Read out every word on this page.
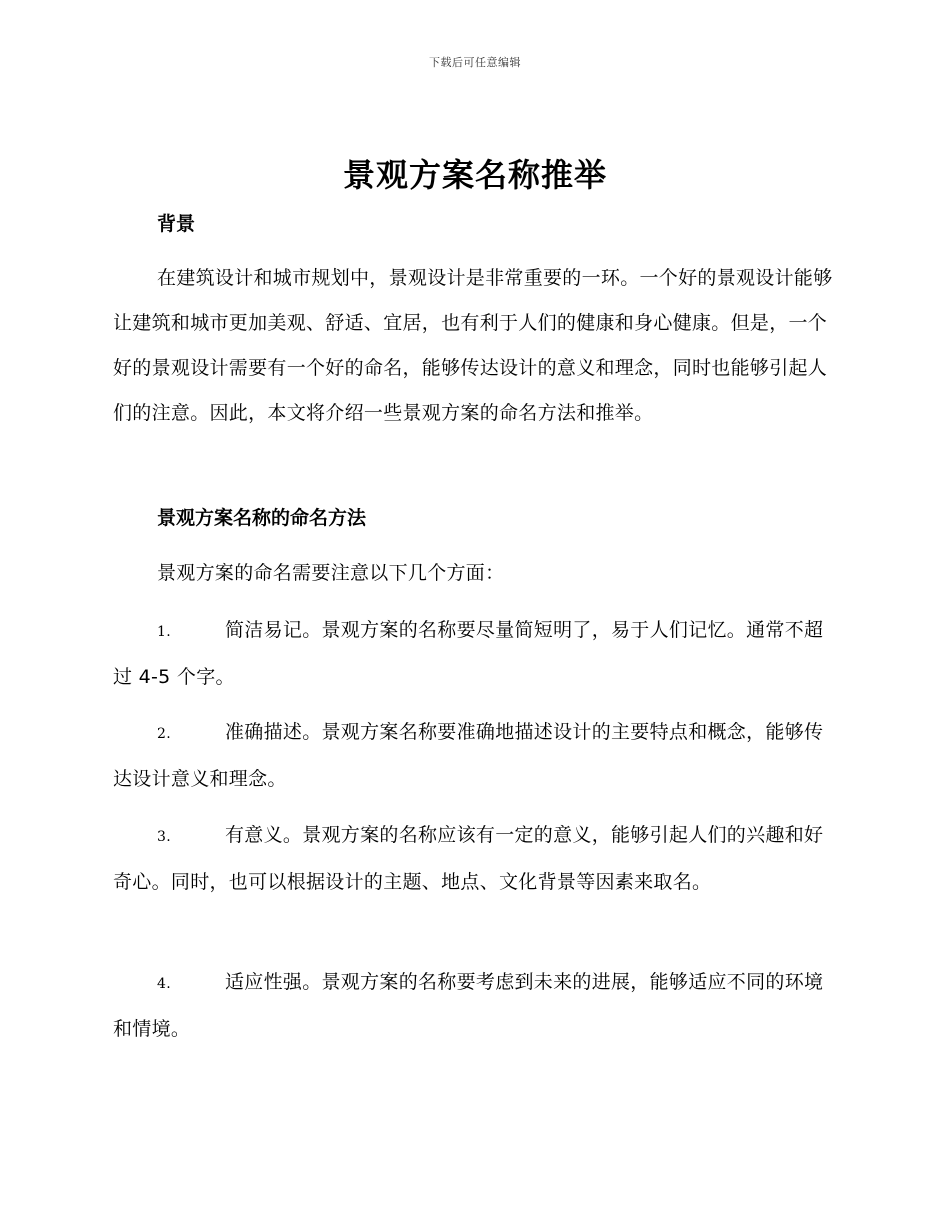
下载后可任意编辑
景观方案名称推举
背景
在建筑设计和城市规划中，景观设计是非常重要的一环。一个好的景观设计能够让建筑和城市更加美观、舒适、宜居，也有利于人们的健康和身心健康。但是，一个好的景观设计需要有一个好的命名，能够传达设计的意义和理念，同时也能够引起人们的注意。因此，本文将介绍一些景观方案的命名方法和推举。
景观方案名称的命名方法
景观方案的命名需要注意以下几个方面：
1.	简洁易记。景观方案的名称要尽量简短明了，易于人们记忆。通常不超过 4-5 个字。
2.	准确描述。景观方案名称要准确地描述设计的主要特点和概念，能够传达设计意义和理念。
3.	有意义。景观方案的名称应该有一定的意义，能够引起人们的兴趣和好奇心。同时，也可以根据设计的主题、地点、文化背景等因素来取名。
4.	适应性强。景观方案的名称要考虑到未来的进展，能够适应不同的环境和情境。
